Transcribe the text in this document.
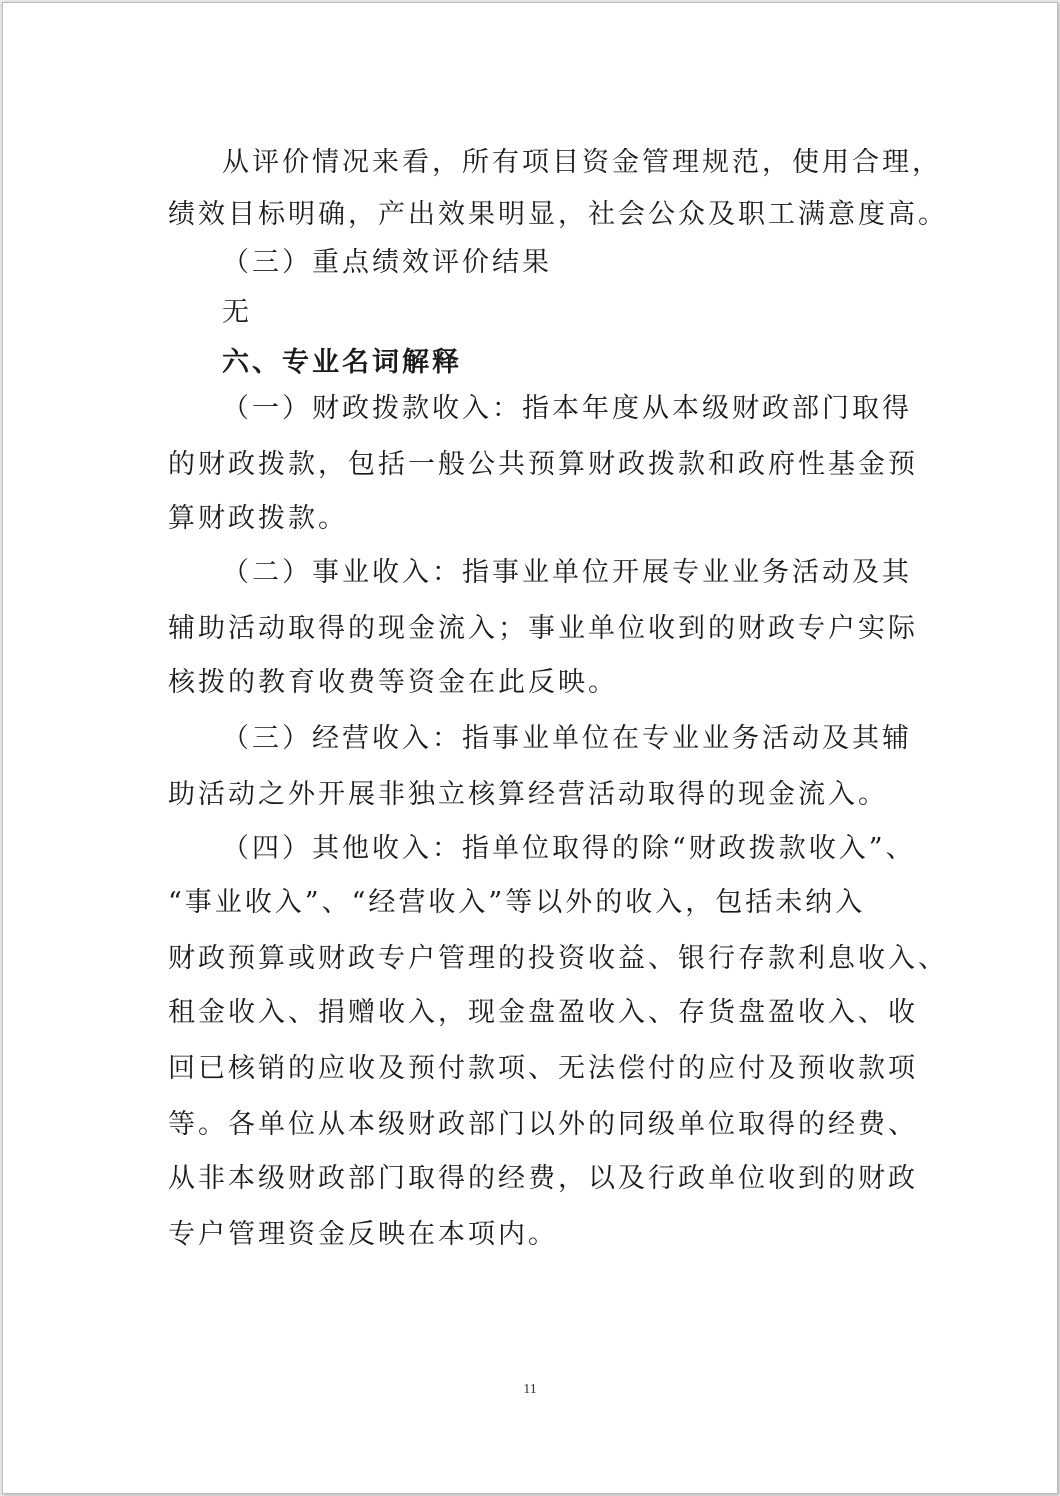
从评价情况来看，所有项目资金管理规范，使用合理，
绩效目标明确，产出效果明显，社会公众及职工满意度高。
（三）重点绩效评价结果
无
六、专业名词解释
（一）财政拨款收入：指本年度从本级财政部门取得
的财政拨款，包括一般公共预算财政拨款和政府性基金预
算财政拨款。
（二）事业收入：指事业单位开展专业业务活动及其
辅助活动取得的现金流入；事业单位收到的财政专户实际
核拨的教育收费等资金在此反映。
（三）经营收入：指事业单位在专业业务活动及其辅
助活动之外开展非独立核算经营活动取得的现金流入。
（四）其他收入：指单位取得的除“财政拨款收入”、
“事业收入”、“经营收入”等以外的收入，包括未纳入
财政预算或财政专户管理的投资收益、银行存款利息收入、
租金收入、捐赠收入，现金盘盈收入、存货盘盈收入、收
回已核销的应收及预付款项、无法偿付的应付及预收款项
等。各单位从本级财政部门以外的同级单位取得的经费、
从非本级财政部门取得的经费，以及行政单位收到的财政
专户管理资金反映在本项内。
11
